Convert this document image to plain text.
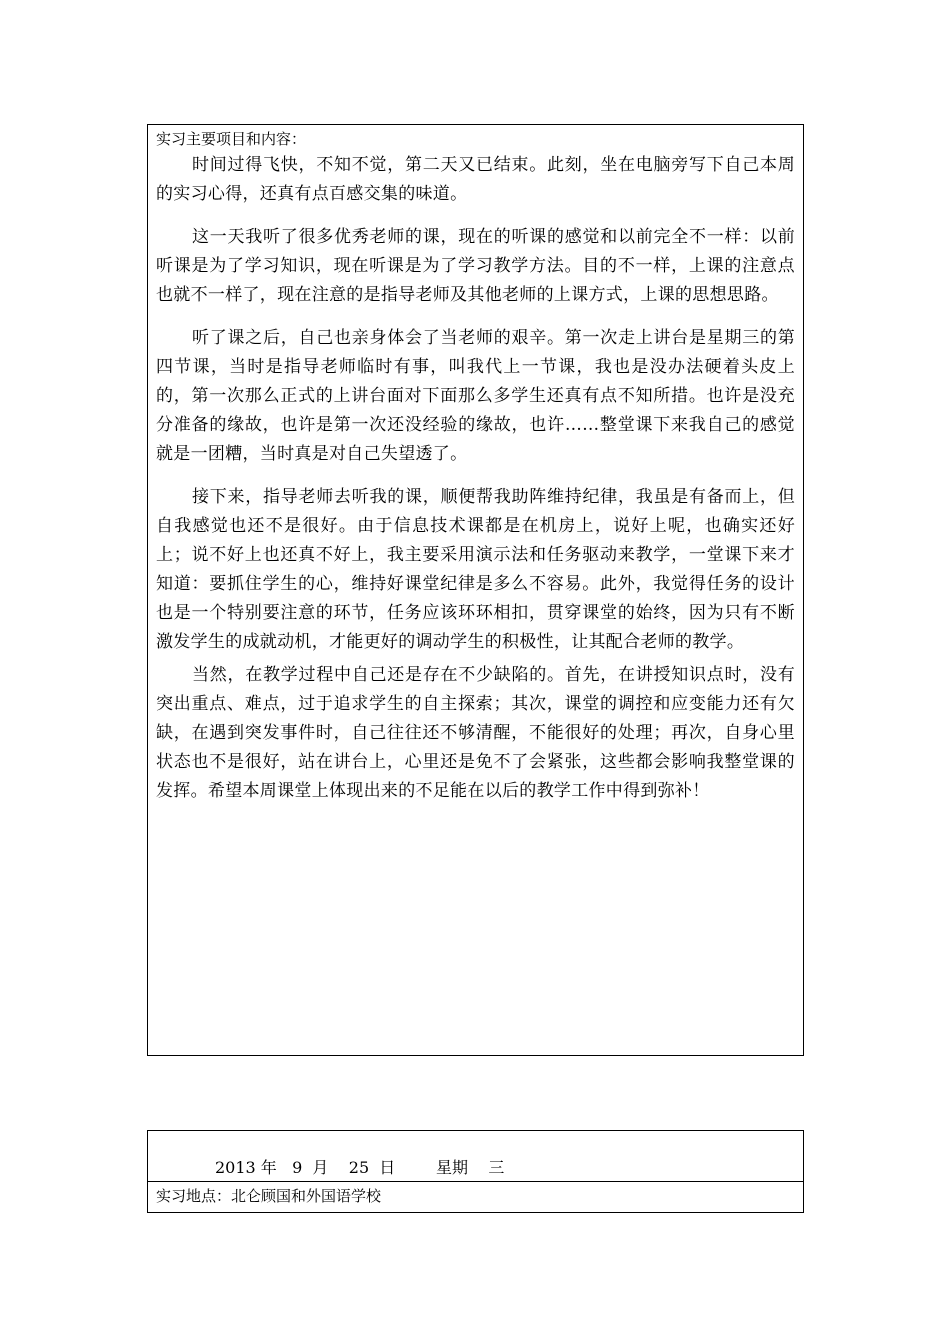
实习主要项目和内容：

时间过得飞快，不知不觉，第二天又已结束。此刻，坐在电脑旁写下自己本周的实习心得，还真有点百感交集的味道。

这一天我听了很多优秀老师的课，现在的听课的感觉和以前完全不一样：以前听课是为了学习知识，现在听课是为了学习教学方法。目的不一样，上课的注意点也就不一样了，现在注意的是指导老师及其他老师的上课方式，上课的思想思路。

听了课之后，自己也亲身体会了当老师的艰辛。第一次走上讲台是星期三的第四节课，当时是指导老师临时有事，叫我代上一节课，我也是没办法硬着头皮上的，第一次那么正式的上讲台面对下面那么多学生还真有点不知所措。也许是没充分准备的缘故，也许是第一次还没经验的缘故，也许……整堂课下来我自己的感觉就是一团糟，当时真是对自己失望透了。

接下来，指导老师去听我的课，顺便帮我助阵维持纪律，我虽是有备而上，但自我感觉也还不是很好。由于信息技术课都是在机房上，说好上呢，也确实还好上；说不好上也还真不好上，我主要采用演示法和任务驱动来教学，一堂课下来才知道：要抓住学生的心，维持好课堂纪律是多么不容易。此外，我觉得任务的设计也是一个特别要注意的环节，任务应该环环相扣，贯穿课堂的始终，因为只有不断激发学生的成就动机，才能更好的调动学生的积极性，让其配合老师的教学。

当然，在教学过程中自己还是存在不少缺陷的。首先，在讲授知识点时，没有突出重点、难点，过于追求学生的自主探索；其次，课堂的调控和应变能力还有欠缺，在遇到突发事件时，自己往往还不够清醒，不能很好的处理；再次，自身心里状态也不是很好，站在讲台上，心里还是免不了会紧张，这些都会影响我整堂课的发挥。希望本周课堂上体现出来的不足能在以后的教学工作中得到弥补！

2013 年   9  月    25  日        星期    三
实习地点：北仑顾国和外国语学校
